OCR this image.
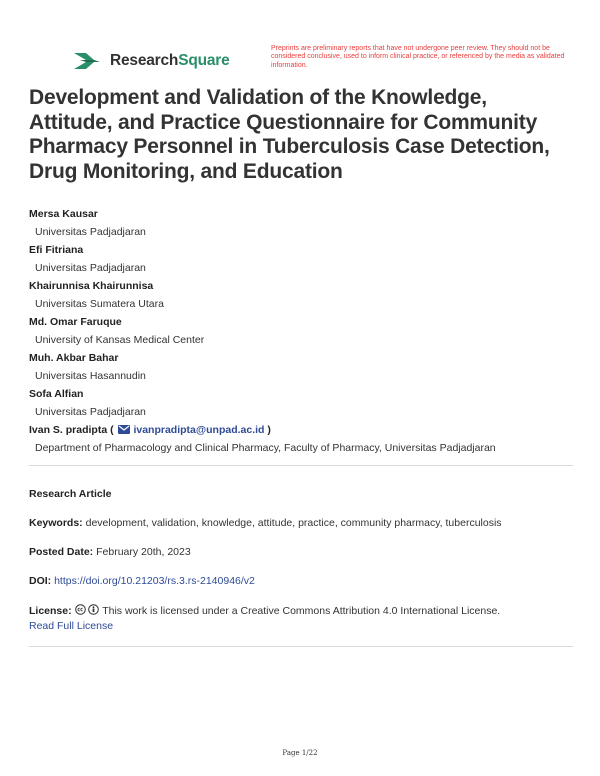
ResearchSquare
Preprints are preliminary reports that have not undergone peer review. They should not be considered conclusive, used to inform clinical practice, or referenced by the media as validated information.
Development and Validation of the Knowledge, Attitude, and Practice Questionnaire for Community Pharmacy Personnel in Tuberculosis Case Detection, Drug Monitoring, and Education
Mersa Kausar
Universitas Padjadjaran
Efi Fitriana
Universitas Padjadjaran
Khairunnisa Khairunnisa
Universitas Sumatera Utara
Md. Omar Faruque
University of Kansas Medical Center
Muh. Akbar Bahar
Universitas Hasannudin
Sofa Alfian
Universitas Padjadjaran
Ivan S. pradipta ( ivanpradipta@unpad.ac.id )
Department of Pharmacology and Clinical Pharmacy, Faculty of Pharmacy, Universitas Padjadjaran
Research Article
Keywords: development, validation, knowledge, attitude, practice, community pharmacy, tuberculosis
Posted Date: February 20th, 2023
DOI: https://doi.org/10.21203/rs.3.rs-2140946/v2
License:	This work is licensed under a Creative Commons Attribution 4.0 International License.
Read Full License
Page 1/22
